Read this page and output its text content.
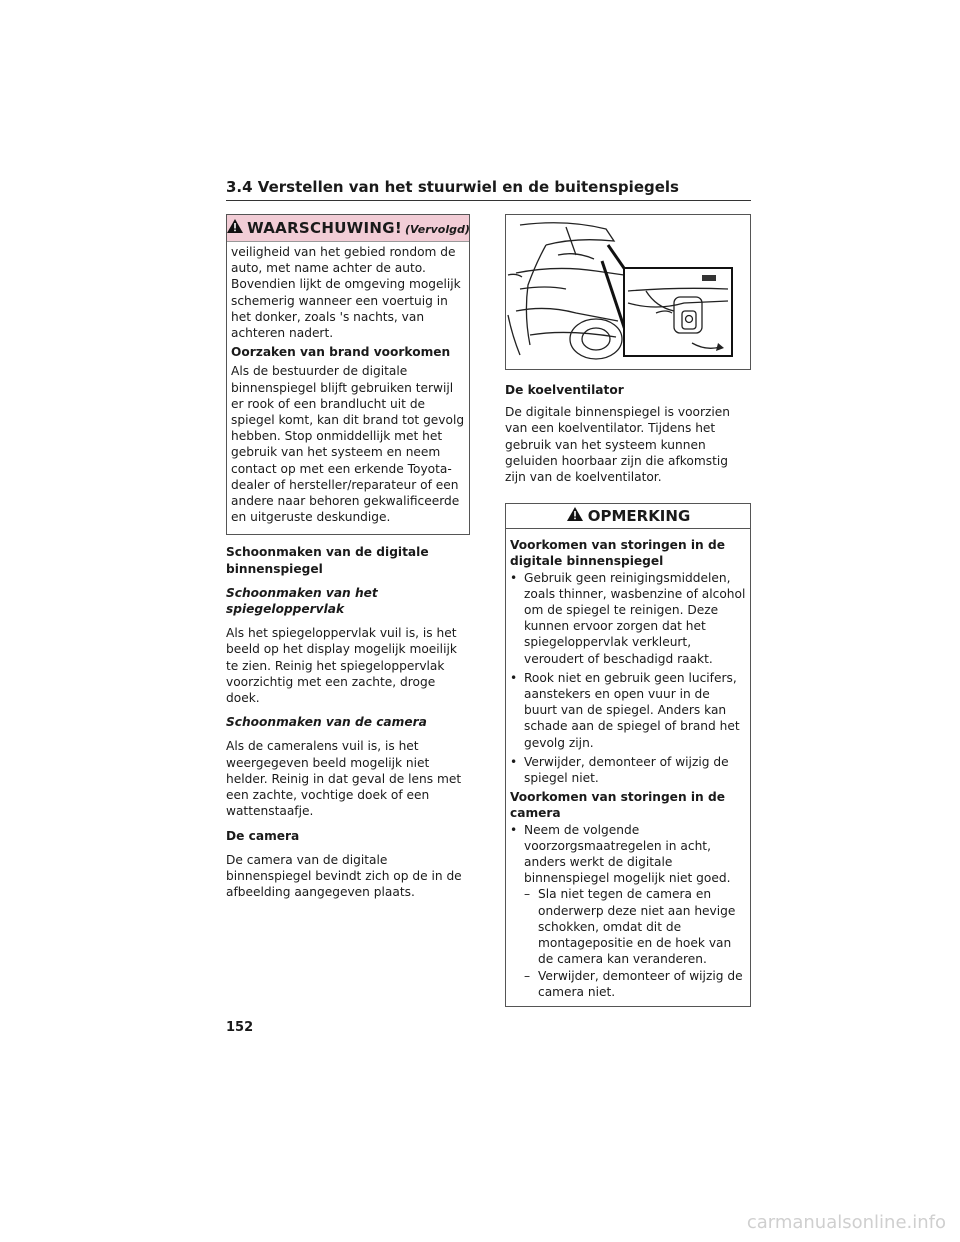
3.4 Verstellen van het stuurwiel en de buitenspiegels
WAARSCHUWING! (Vervolgd)

veiligheid van het gebied rondom de auto, met name achter de auto. Bovendien lijkt de omgeving mogelijk schemerig wanneer een voertuig in het donker, zoals 's nachts, van achteren nadert.

Oorzaken van brand voorkomen

Als de bestuurder de digitale binnenspiegel blijft gebruiken terwijl er rook of een brandlucht uit de spiegel komt, kan dit brand tot gevolg hebben. Stop onmiddellijk met het gebruik van het systeem en neem contact op met een erkende Toyota-dealer of hersteller/reparateur of een andere naar behoren gekwalificeerde en uitgeruste deskundige.

Schoonmaken van de digitale binnenspiegel

Schoonmaken van het spiegeloppervlak

Als het spiegeloppervlak vuil is, is het beeld op het display mogelijk moeilijk te zien. Reinig het spiegeloppervlak voorzichtig met een zachte, droge doek.

Schoonmaken van de camera

Als de cameralens vuil is, is het weergegeven beeld mogelijk niet helder. Reinig in dat geval de lens met een zachte, vochtige doek of een wattenstaafje.

De camera

De camera van de digitale binnenspiegel bevindt zich op de in de afbeelding aangegeven plaats.

De koelventilator

De digitale binnenspiegel is voorzien van een koelventilator. Tijdens het gebruik van het systeem kunnen geluiden hoorbaar zijn die afkomstig zijn van de koelventilator.

OPMERKING

Voorkomen van storingen in de digitale binnenspiegel

• Gebruik geen reinigingsmiddelen, zoals thinner, wasbenzine of alcohol om de spiegel te reinigen. Deze kunnen ervoor zorgen dat het spiegeloppervlak verkleurt, veroudert of beschadigd raakt.
• Rook niet en gebruik geen lucifers, aanstekers en open vuur in de buurt van de spiegel. Anders kan schade aan de spiegel of brand het gevolg zijn.
• Verwijder, demonteer of wijzig de spiegel niet.

Voorkomen van storingen in de camera

• Neem de volgende voorzorgsmaatregelen in acht, anders werkt de digitale binnenspiegel mogelijk niet goed.
– Sla niet tegen de camera en onderwerp deze niet aan hevige schokken, omdat dit de montagepositie en de hoek van de camera kan veranderen.
– Verwijder, demonteer of wijzig de camera niet.
152
carmanualsonline.info
